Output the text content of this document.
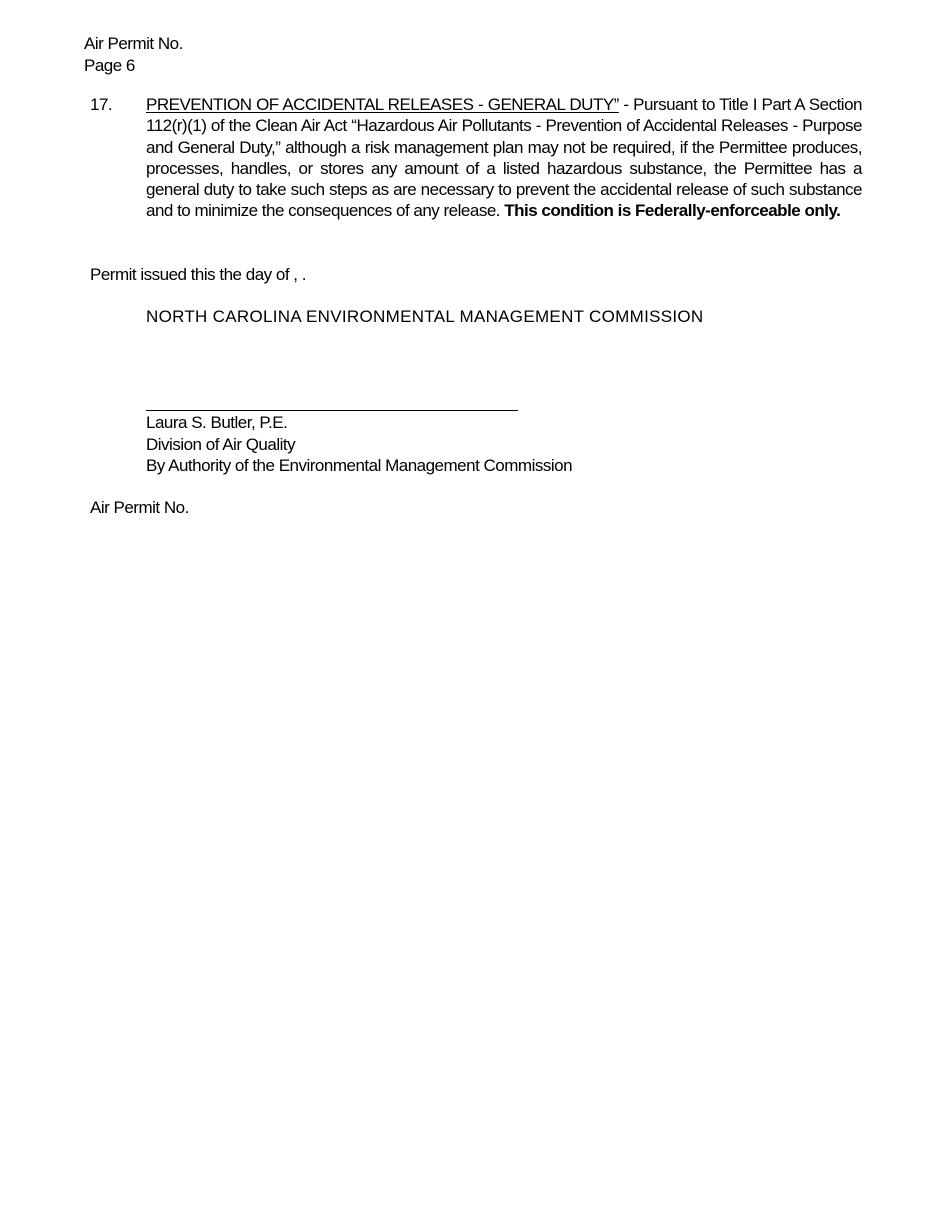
Air Permit No.
Page 6
17. PREVENTION OF ACCIDENTAL RELEASES - GENERAL DUTY” - Pursuant to Title I Part A Section 112(r)(1) of the Clean Air Act “Hazardous Air Pollutants - Prevention of Accidental Releases - Purpose and General Duty,” although a risk management plan may not be required, if the Permittee produces, processes, handles, or stores any amount of a listed hazardous substance, the Permittee has a general duty to take such steps as are necessary to prevent the accidental release of such substance and to minimize the consequences of any release. This condition is Federally-enforceable only.
Permit issued this the day of , .
NORTH CAROLINA ENVIRONMENTAL MANAGEMENT COMMISSION
Laura S. Butler, P.E.
Division of Air Quality
By Authority of the Environmental Management Commission
Air Permit No.
